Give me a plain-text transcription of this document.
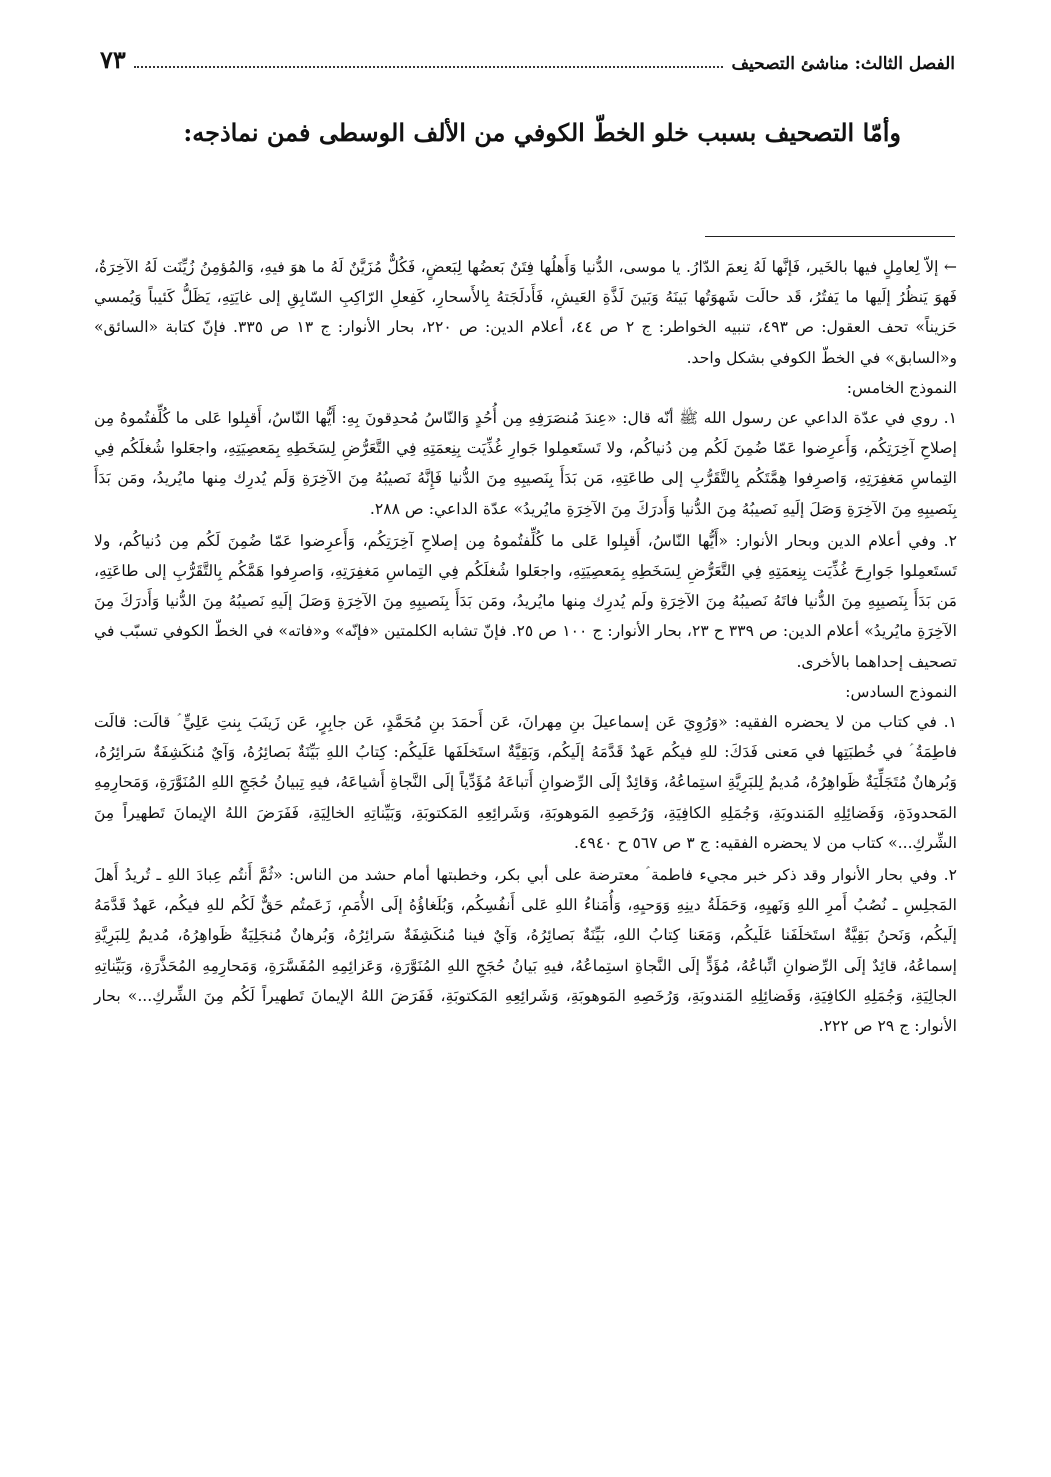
الفصل الثالث: مناشئ التصحيف
٧٣
وأمّا التصحيف بسبب خلو الخطّ الكوفي من الألف الوسطى فمن نماذجه:

← إلاّ لِعامِلٍ فيها بالخَير، فَإنَّها لَهُ نِعمَ الدّارُ. يا موسى، الدُّنيا وَأَهلُها فِتَنٌ بَعضُها لِبَعضٍ، فَكُلٌّ مُزَيَّنٌ لَهُ ما هوَ فيهِ، وَالمُؤمِنُ زُيِّنَت لَهُ الآخِرَةُ، فَهوَ يَنظُرُ إلَيها ما يَفتُرُ، قَد حالَت شَهوَتُها بَينَهُ وَبَينَ لَذَّةِ العَيشِ، فَأَدلَجَتهُ بِالأَسحارِ، كَفِعلِ الرّاكِبِ السّابِقِ إلى غايَتِهِ، يَظَلُّ كَئيباً وَيُمسي حَزيناً» تحف العقول: ص ٤٩٣، تنبيه الخواطر: ج ٢ ص ٤٤، أعلام الدين: ص ٢٢٠، بحار الأنوار: ج ١٣ ص ٣٣٥. فإنّ كتابة «السائق» و«السابق» في الخطّ الكوفي بشكل واحد.

النموذج الخامس:

١. روي في عدّة الداعي عن رسول الله ﷺ أنّه قال: «عِندَ مُنصَرَفِهِ مِن أُحُدٍ وَالنّاسُ مُحدِقونَ بِهِ: أَيُّها النّاسُ، أَقبِلوا عَلى ما كُلِّفتُموهُ مِن إصلاحِ آخِرَتِكُم، وَأَعرِضوا عَمّا ضُمِنَ لَكُم مِن دُنياكُم، ولا تَستَعمِلوا جَوارِ غُذِّيَت بِنِعمَتِهِ فِي التَّعَرُّضِ لِسَخَطِهِ بِمَعصِيَتِهِ، واجعَلوا شُغلَكُم فِي التِماسِ مَغفِرَتِهِ، وَاصرِفوا هِمَّتَكُم بِالتَّقَرُّبِ إلى طاعَتِهِ، مَن بَدَأَ بِنَصيبِهِ مِنَ الدُّنيا فَإِنَّهُ نَصيبُهُ مِنَ الآخِرَةِ وَلَم يُدرِك مِنها مايُريدُ، ومَن بَدَأَ بِنَصيبِهِ مِنَ الآخِرَةِ وَصَلَ إلَيهِ نَصيبُهُ مِنَ الدُّنيا وَأَدرَكَ مِنَ الآخِرَةِ مايُريدُ» عدّة الداعي: ص ٢٨٨.

٢. وفي أعلام الدين وبحار الأنوار: «أَيُّها النّاسُ، أَقبِلوا عَلى ما كُلِّفتُموهُ مِن إصلاحِ آخِرَتِكُم، وَأَعرِضوا عَمّا ضُمِنَ لَكُم مِن دُنياكُم، ولا تَستَعمِلوا جَوارِحَ غُذِّيَت بِنِعمَتِهِ فِي التَّعَرُّضِ لِسَخَطِهِ بِمَعصِيَتِهِ، واجعَلوا شُغلَكُم فِي التِماسِ مَغفِرَتِهِ، وَاصرِفوا هَمَّكُم بِالتَّقَرُّبِ إلى طاعَتِهِ، مَن بَدَأَ بِنَصيبِهِ مِنَ الدُّنيا فاتَهُ نَصيبُهُ مِنَ الآخِرَةِ ولَم يُدرِك مِنها مايُريدُ، ومَن بَدَأَ بِنَصيبِهِ مِنَ الآخِرَةِ وَصَلَ إلَيهِ نَصيبُهُ مِنَ الدُّنيا وَأَدرَكَ مِنَ الآخِرَةِ مايُريدُ» أعلام الدين: ص ٣٣٩ ح ٢٣، بحار الأنوار: ج ١٠٠ ص ٢٥. فإنّ تشابه الكلمتين «فإنّه» و«فاته» في الخطّ الكوفي تسبّب في تصحيف إحداهما بالأخرى.

النموذج السادس:

١. في كتاب من لا يحضره الفقيه: «وَرُوِيَ عَن إسماعيلَ بنِ مِهرانَ، عَن أَحمَدَ بنِ مُحَمَّدٍ، عَن جابِرٍ، عَن زَينَبَ بِنتِ عَلِيٍّ ؑ قالَت: قالَت فاطِمَةُ ؑ في خُطبَتِها في مَعنى فَدَكَ: للهِ فيكُم عَهدٌ قَدَّمَهُ إلَيكُم، وَبَقِيَّةٌ استَخلَفَها عَلَيكُم: كِتابُ اللهِ بَيِّنَةٌ بَصائِرُهُ، وَآيٌ مُنكَشِفَةٌ سَرائِرُهُ، وَبُرهانٌ مُتَجَلِّيَةٌ ظَواهِرُهُ، مُديمٌ لِلبَرِيَّةِ استِماعُهُ، وَقائِدٌ إلَى الرِّضوانِ أَتباعَهُ مُؤَدِّياً إلَى النَّجاةِ أَشياعَهُ، فيهِ تِبيانُ حُجَجِ اللهِ المُنَوَّرَةِ، وَمَحارِمِهِ المَحدودَةِ، وَفَضائِلِهِ المَندوبَةِ، وَجُمَلِهِ الكافِيَةِ، وَرُخَصِهِ المَوهوبَةِ، وَشَرائِعِهِ المَكتوبَةِ، وَبَيِّناتِهِ الخالِيَةِ، فَفَرَضَ اللهُ الإيمانَ تَطهيراً مِنَ الشِّركِ...» كتاب من لا يحضره الفقيه: ج ٣ ص ٥٦٧ ح ٤٩٤٠.

٢. وفي بحار الأنوار وقد ذكر خبر مجيء فاطمة ؑ معترضة على أبي بكر، وخطبتها أمام حشد من الناس: «ثُمَّ أَنتُم عِبادَ اللهِ ـ تُريدُ أَهلَ المَجلِسِ ـ نُصُبُ أَمرِ اللهِ وَنَهيِهِ، وَحَمَلَةُ دينِهِ وَوَحيِهِ، وَأُمَناءُ اللهِ عَلى أَنفُسِكُم، وَبُلَغاؤُهُ إلَى الأُمَمِ، زَعَمتُم حَقٌّ لَكُم للهِ فيكُم، عَهدٌ قَدَّمَهُ إلَيكُم، وَنَحنُ بَقِيَّةٌ استَخلَفَنا عَلَيكُم، وَمَعَنا كِتابُ اللهِ، بَيِّنَةٌ بَصائِرُهُ، وَآيٌ فينا مُنكَشِفَةٌ سَرائِرُهُ، وَبُرهانٌ مُنجَلِيَةٌ ظَواهِرُهُ، مُديمٌ لِلبَرِيَّةِ إسماعُهُ، قائِدٌ إلَى الرِّضوانِ اتِّباعُهُ، مُؤَدٍّ إلَى النَّجاةِ استِماعُهُ، فيهِ بَيانُ حُجَجِ اللهِ المُنَوَّرَةِ، وَعَزائِمِهِ المُفَسَّرَةِ، وَمَحارِمِهِ المُحَذَّرَةِ، وَبَيِّناتِهِ الجالِيَةِ، وَجُمَلِهِ الكافِيَةِ، وَفَضائِلِهِ المَندوبَةِ، وَرُخَصِهِ المَوهوبَةِ، وَشَرائِعِهِ المَكتوبَةِ، فَفَرَضَ اللهُ الإيمانَ تَطهيراً لَكُم مِنَ الشِّركِ...» بحار الأنوار: ج ٢٩ ص ٢٢٢.
